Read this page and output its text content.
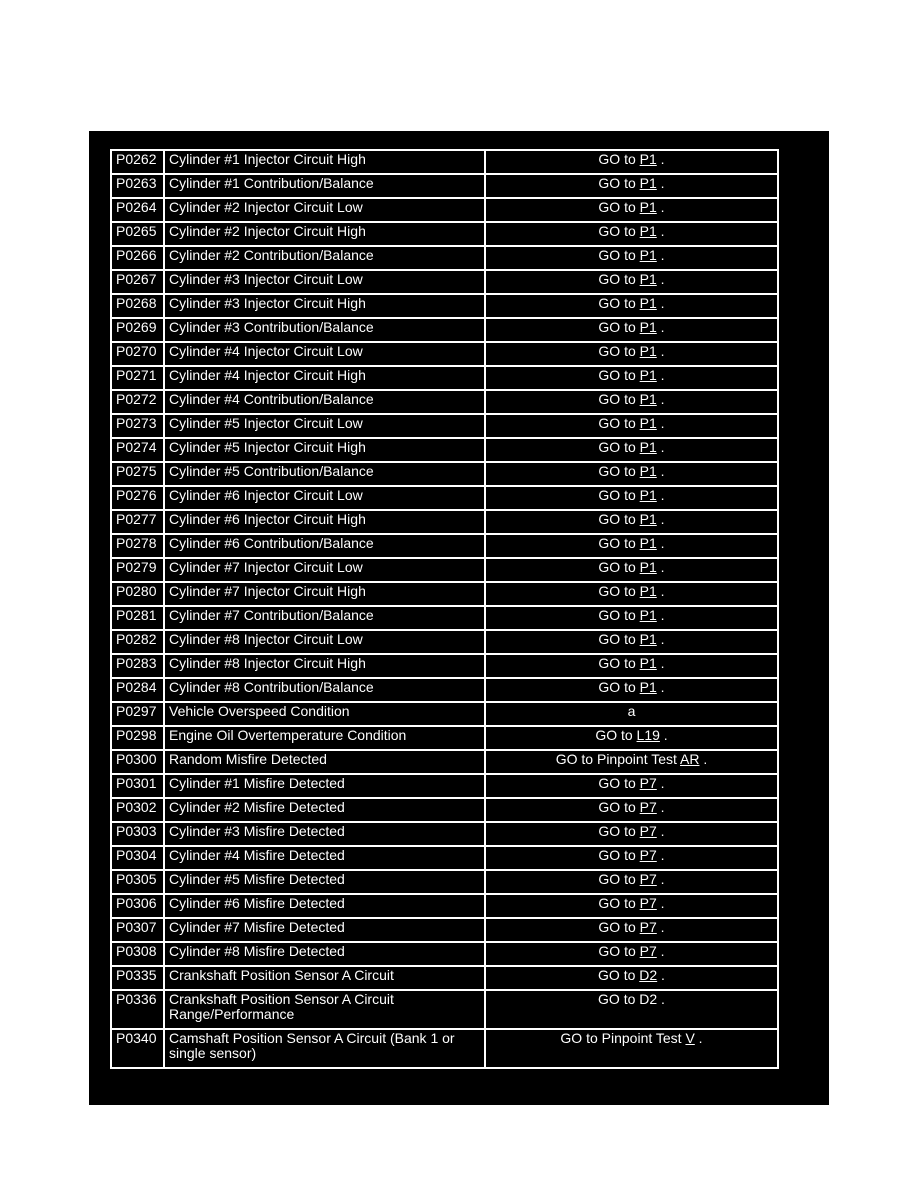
P0262	Cylinder #1 Injector Circuit High	GO to P1 .
P0263	Cylinder #1 Contribution/Balance	GO to P1 .
P0264	Cylinder #2 Injector Circuit Low	GO to P1 .
P0265	Cylinder #2 Injector Circuit High	GO to P1 .
P0266	Cylinder #2 Contribution/Balance	GO to P1 .
P0267	Cylinder #3 Injector Circuit Low	GO to P1 .
P0268	Cylinder #3 Injector Circuit High	GO to P1 .
P0269	Cylinder #3 Contribution/Balance	GO to P1 .
P0270	Cylinder #4 Injector Circuit Low	GO to P1 .
P0271	Cylinder #4 Injector Circuit High	GO to P1 .
P0272	Cylinder #4 Contribution/Balance	GO to P1 .
P0273	Cylinder #5 Injector Circuit Low	GO to P1 .
P0274	Cylinder #5 Injector Circuit High	GO to P1 .
P0275	Cylinder #5 Contribution/Balance	GO to P1 .
P0276	Cylinder #6 Injector Circuit Low	GO to P1 .
P0277	Cylinder #6 Injector Circuit High	GO to P1 .
P0278	Cylinder #6 Contribution/Balance	GO to P1 .
P0279	Cylinder #7 Injector Circuit Low	GO to P1 .
P0280	Cylinder #7 Injector Circuit High	GO to P1 .
P0281	Cylinder #7 Contribution/Balance	GO to P1 .
P0282	Cylinder #8 Injector Circuit Low	GO to P1 .
P0283	Cylinder #8 Injector Circuit High	GO to P1 .
P0284	Cylinder #8 Contribution/Balance	GO to P1 .
P0297	Vehicle Overspeed Condition	a
P0298	Engine Oil Overtemperature Condition	GO to L19 .
P0300	Random Misfire Detected	GO to Pinpoint Test AR .
P0301	Cylinder #1 Misfire Detected	GO to P7 .
P0302	Cylinder #2 Misfire Detected	GO to P7 .
P0303	Cylinder #3 Misfire Detected	GO to P7 .
P0304	Cylinder #4 Misfire Detected	GO to P7 .
P0305	Cylinder #5 Misfire Detected	GO to P7 .
P0306	Cylinder #6 Misfire Detected	GO to P7 .
P0307	Cylinder #7 Misfire Detected	GO to P7 .
P0308	Cylinder #8 Misfire Detected	GO to P7 .
P0335	Crankshaft Position Sensor A Circuit	GO to D2 .
P0336	Crankshaft Position Sensor A Circuit Range/Performance	GO to D2 .
P0340	Camshaft Position Sensor A Circuit (Bank 1 or single sensor)	GO to Pinpoint Test V .
